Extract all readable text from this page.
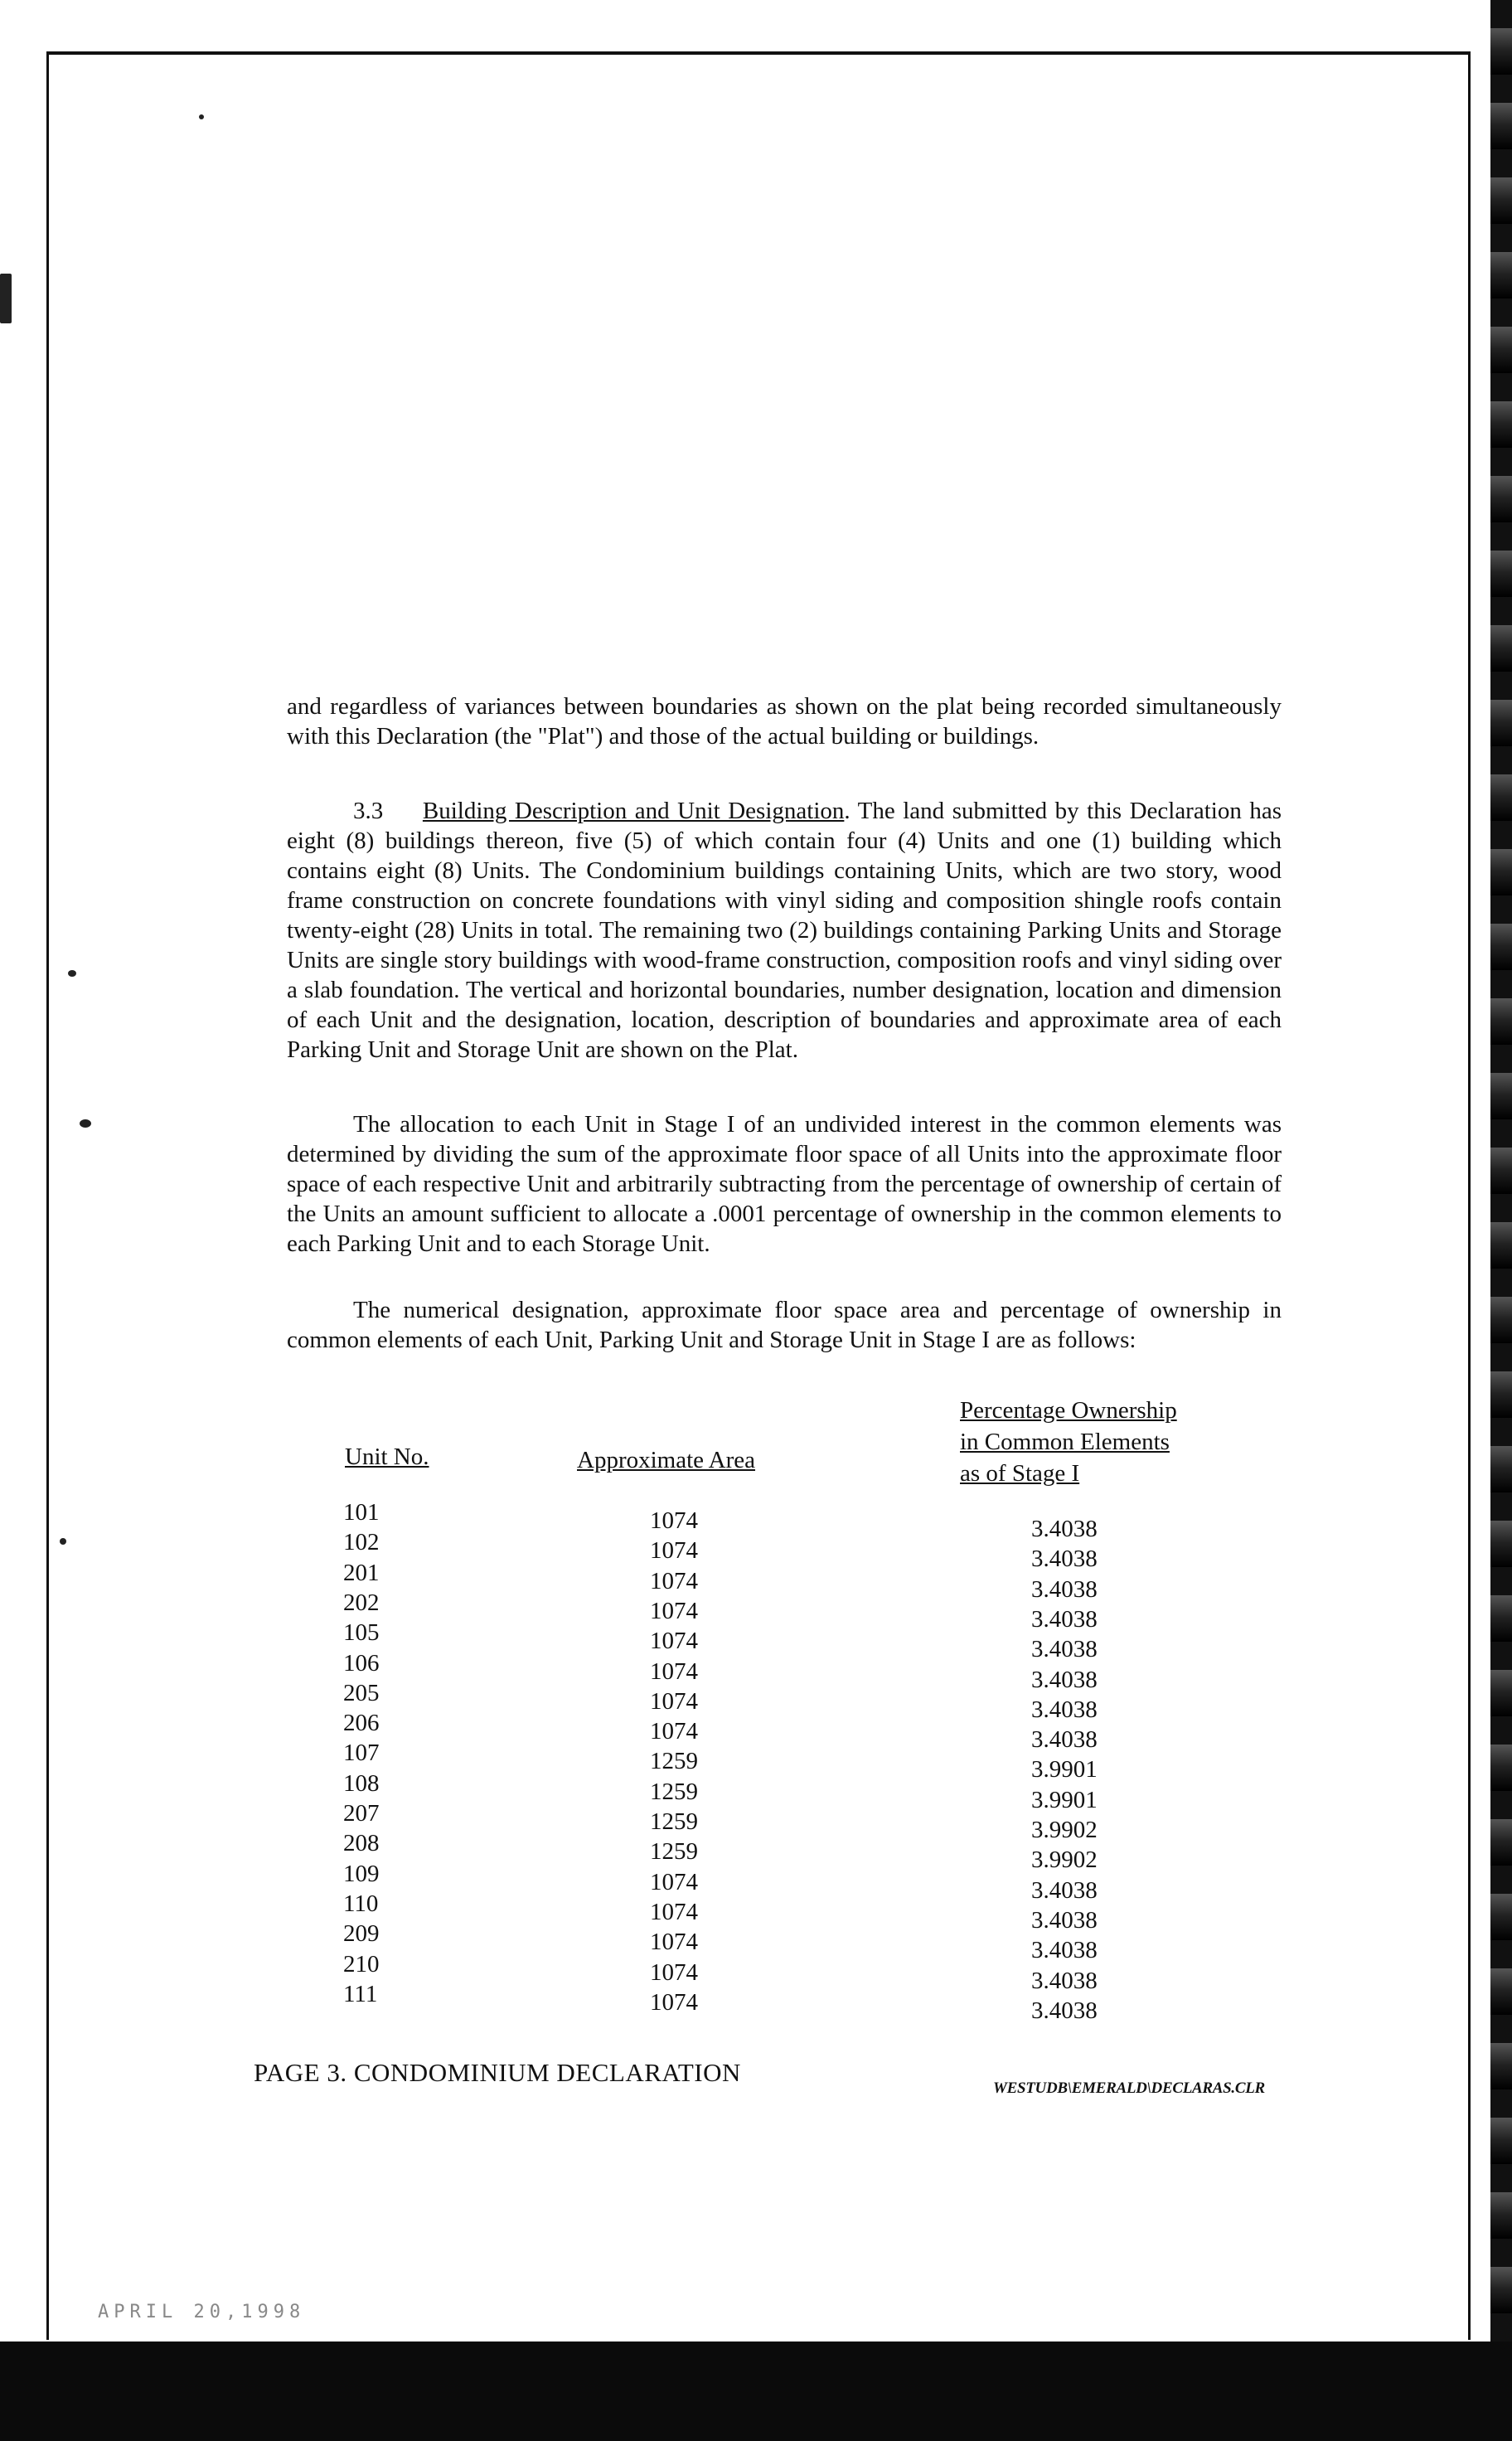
and regardless of variances between boundaries as shown on the plat being recorded simultaneously with this Declaration (the "Plat") and those of the actual building or buildings.

3.3 Building Description and Unit Designation. The land submitted by this Declaration has eight (8) buildings thereon, five (5) of which contain four (4) Units and one (1) building which contains eight (8) Units. The Condominium buildings containing Units, which are two story, wood frame construction on concrete foundations with vinyl siding and composition shingle roofs contain twenty-eight (28) Units in total. The remaining two (2) buildings containing Parking Units and Storage Units are single story buildings with wood-frame construction, composition roofs and vinyl siding over a slab foundation. The vertical and horizontal boundaries, number designation, location and dimension of each Unit and the designation, location, description of boundaries and approximate area of each Parking Unit and Storage Unit are shown on the Plat.

The allocation to each Unit in Stage I of an undivided interest in the common elements was determined by dividing the sum of the approximate floor space of all Units into the approximate floor space of each respective Unit and arbitrarily subtracting from the percentage of ownership of certain of the Units an amount sufficient to allocate a .0001 percentage of ownership in the common elements to each Parking Unit and to each Storage Unit.

The numerical designation, approximate floor space area and percentage of ownership in common elements of each Unit, Parking Unit and Storage Unit in Stage I are as follows:

Unit No.	Approximate Area
Percentage Ownership
in Common Elements
as of Stage I
101	1074	3.4038
102	1074	3.4038
201	1074	3.4038
202	1074	3.4038
105	1074	3.4038
106	1074	3.4038
205	1074	3.4038
206	1074	3.4038
107	1259	3.9901
108	1259	3.9901
207	1259	3.9902
208	1259	3.9902
109	1074	3.4038
110	1074	3.4038
209	1074	3.4038
210	1074	3.4038
111	1074	3.4038
PAGE 3. CONDOMINIUM DECLARATION
WESTUDB\EMERALD\DECLARAS.CLR
APRIL 20,1998
